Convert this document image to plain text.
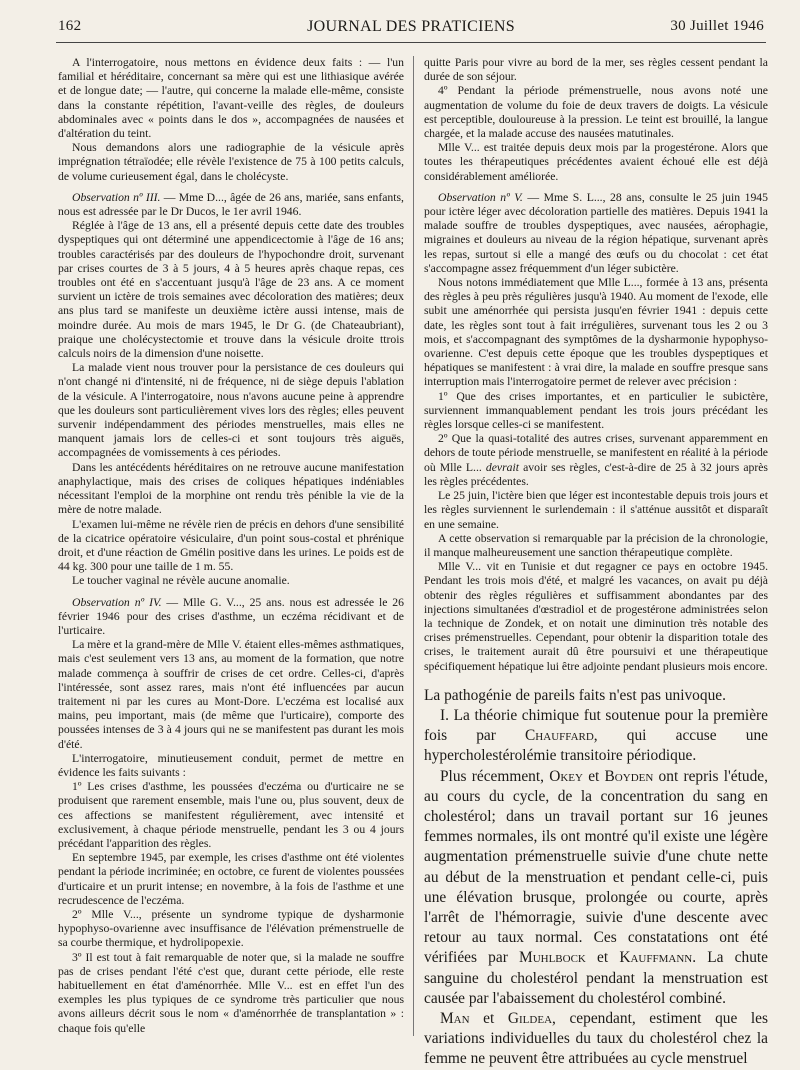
162	JOURNAL DES PRATICIENS	30 Juillet 1946

A l'interrogatoire, nous mettons en évidence deux faits : — l'un familial et héréditaire, concernant sa mère qui est une lithiasique avérée et de longue date; — l'autre, qui concerne la malade elle-même, consiste dans la constante répétition, l'avant-veille des règles, de douleurs abdominales avec « points dans le dos », accompagnées de nausées et d'altération du teint.

Nous demandons alors une radiographie de la vésicule après imprégnation tétraïodée; elle révèle l'existence de 75 à 100 petits calculs, de volume curieusement égal, dans le cholécyste.

Observation nº III. — Mme D..., âgée de 26 ans, mariée, sans enfants, nous est adressée par le Dr Ducos, le 1er avril 1946.

Réglée à l'âge de 13 ans, ell a présenté depuis cette date des troubles dyspeptiques qui ont déterminé une appendicectomie à l'âge de 16 ans; troubles caractérisés par des douleurs de l'hypochondre droit, survenant par crises courtes de 3 à 5 jours, 4 à 5 heures après chaque repas, ces troubles ont été en s'accentuant jusqu'à l'âge de 23 ans. A ce moment survient un ictère de trois semaines avec décoloration des matières; deux ans plus tard se manifeste un deuxième ictère aussi intense, mais de moindre durée. Au mois de mars 1945, le Dr G. (de Chateaubriant), praique une cholécystectomie et trouve dans la vésicule droite ttrois calculs noirs de la dimension d'une noisette.

La malade vient nous trouver pour la persistance de ces douleurs qui n'ont changé ni d'intensité, ni de fréquence, ni de siège depuis l'ablation de la vésicule. A l'interrogatoire, nous n'avons aucune peine à apprendre que les douleurs sont particulièrement vives lors des règles; elles peuvent survenir indépendamment des périodes menstruelles, mais elles ne manquent jamais lors de celles-ci et sont toujours très aiguës, accompagnées de vomissements à ces périodes.

Dans les antécédents héréditaires on ne retrouve aucune manifestation anaphylactique, mais des crises de coliques hépatiques indéniables nécessitant l'emploi de la morphine ont rendu très pénible la vie de la mère de notre malade.

L'examen lui-même ne révèle rien de précis en dehors d'une sensibilité de la cicatrice opératoire vésiculaire, d'un point sous-costal et phrénique droit, et d'une réaction de Gmélin positive dans les urines. Le poids est de 44 kg. 300 pour une taille de 1 m. 55.

Le toucher vaginal ne révèle aucune anomalie.

Observation nº IV. — Mlle G. V..., 25 ans. nous est adressée le 26 février 1946 pour des crises d'asthme, un eczéma récidivant et de l'urticaire.

La mère et la grand-mère de Mlle V. étaient elles-mêmes asthmatiques, mais c'est seulement vers 13 ans, au moment de la formation, que notre malade commença à souffrir de crises de cet ordre. Celles-ci, d'après l'intéressée, sont assez rares, mais n'ont été influencées par aucun traitement ni par les cures au Mont-Dore. L'eczéma est localisé aux mains, peu important, mais (de même que l'urticaire), comporte des poussées intenses de 3 à 4 jours qui ne se manifestent pas durant les mois d'été.

L'interrogatoire, minutieusement conduit, permet de mettre en évidence les faits suivants :

1º Les crises d'asthme, les poussées d'eczéma ou d'urticaire ne se produisent que rarement ensemble, mais l'une ou, plus souvent, deux de ces affections se manifestent régulièrement, avec intensité et exclusivement, à chaque période menstruelle, pendant les 3 ou 4 jours précédant l'apparition des règles.

En septembre 1945, par exemple, les crises d'asthme ont été violentes pendant la période incriminée; en octobre, ce furent de violentes poussées d'urticaire et un prurit intense; en novembre, à la fois de l'asthme et une recrudescence de l'eczéma.

2º Mlle V..., présente un syndrome typique de dysharmonie hypophyso-ovarienne avec insuffisance de l'élévation prémenstruelle de sa courbe thermique, et hydrolipopexie.

3º Il est tout à fait remarquable de noter que, si la malade ne souffre pas de crises pendant l'été c'est que, durant cette période, elle reste habituellement en état d'aménorrhée. Mlle V... est en effet l'un des exemples les plus typiques de ce syndrome très particulier que nous avons ailleurs décrit sous le nom « d'aménorrhée de transplantation » : chaque fois qu'elle

quitte Paris pour vivre au bord de la mer, ses règles cessent pendant la durée de son séjour.

4º Pendant la période prémenstruelle, nous avons noté une augmentation de volume du foie de deux travers de doigts. La vésicule est perceptible, douloureuse à la pression. Le teint est brouillé, la langue chargée, et la malade accuse des nausées matutinales.

Mlle V... est traitée depuis deux mois par la progestérone. Alors que toutes les thérapeutiques précédentes avaient échoué elle est déjà considérablement améliorée.

Observation nº V. — Mme S. L..., 28 ans, consulte le 25 juin 1945 pour ictère léger avec décoloration partielle des matières. Depuis 1941 la malade souffre de troubles dyspeptiques, avec nausées, aérophagie, migraines et douleurs au niveau de la région hépatique, survenant après les repas, surtout si elle a mangé des œufs ou du chocolat : cet état s'accompagne assez fréquemment d'un léger subictère.

Nous notons immédiatement que Mlle L..., formée à 13 ans, présenta des règles à peu près régulières jusqu'à 1940. Au moment de l'exode, elle subit une aménorrhée qui persista jusqu'en février 1941 : depuis cette date, les règles sont tout à fait irrégulières, survenant tous les 2 ou 3 mois, et s'accompagnant des symptômes de la dysharmonie hypophyso-ovarienne. C'est depuis cette époque que les troubles dyspeptiques et hépatiques se manifestent : à vrai dire, la malade en souffre presque sans interruption mais l'interrogatoire permet de relever avec précision :

1º Que des crises importantes, et en particulier le subictère, surviennent immanquablement pendant les trois jours précédant les règles lorsque celles-ci se manifestent.

2º Que la quasi-totalité des autres crises, survenant apparemment en dehors de toute période menstruelle, se manifestent en réalité à la période où Mlle L... devrait avoir ses règles, c'est-à-dire de 25 à 32 jours après les règles précédentes.

Le 25 juin, l'ictère bien que léger est incontestable depuis trois jours et les règles surviennent le surlendemain : il s'atténue aussitôt et disparaît en une semaine.

A cette observation si remarquable par la précision de la chronologie, il manque malheureusement une sanction thérapeutique complète.

Mlle V... vit en Tunisie et dut regagner ce pays en octobre 1945. Pendant les trois mois d'été, et malgré les vacances, on avait pu déjà obtenir des règles régulières et suffisamment abondantes par des injections simultanées d'œstradiol et de progestérone administrées selon la technique de Zondek, et on notait une diminution très notable des crises prémenstruelles. Cependant, pour obtenir la disparition totale des crises, le traitement aurait dû être poursuivi et une thérapeutique spécifiquement hépatique lui être adjointe pendant plusieurs mois encore.

La pathogénie de pareils faits n'est pas univoque.

I. La théorie chimique fut soutenue pour la première fois par Chauffard, qui accuse une hypercholestérolémie transitoire périodique.

Plus récemment, Okey et Boyden ont repris l'étude, au cours du cycle, de la concentration du sang en cholestérol; dans un travail portant sur 16 jeunes femmes normales, ils ont montré qu'il existe une légère augmentation prémenstruelle suivie d'une chute nette au début de la menstruation et pendant celle-ci, puis une élévation brusque, prolongée ou courte, après l'arrêt de l'hémorragie, suivie d'une descente avec retour au taux normal. Ces constatations ont été vérifiées par Muhlbock et Kauffmann. La chute sanguine du cholestérol pendant la menstruation est causée par l'abaissement du cholestérol combiné.

Man et Gildea, cependant, estiment que les variations individuelles du taux du cholestérol chez la femme ne peuvent être attribuées au cycle menstruel
